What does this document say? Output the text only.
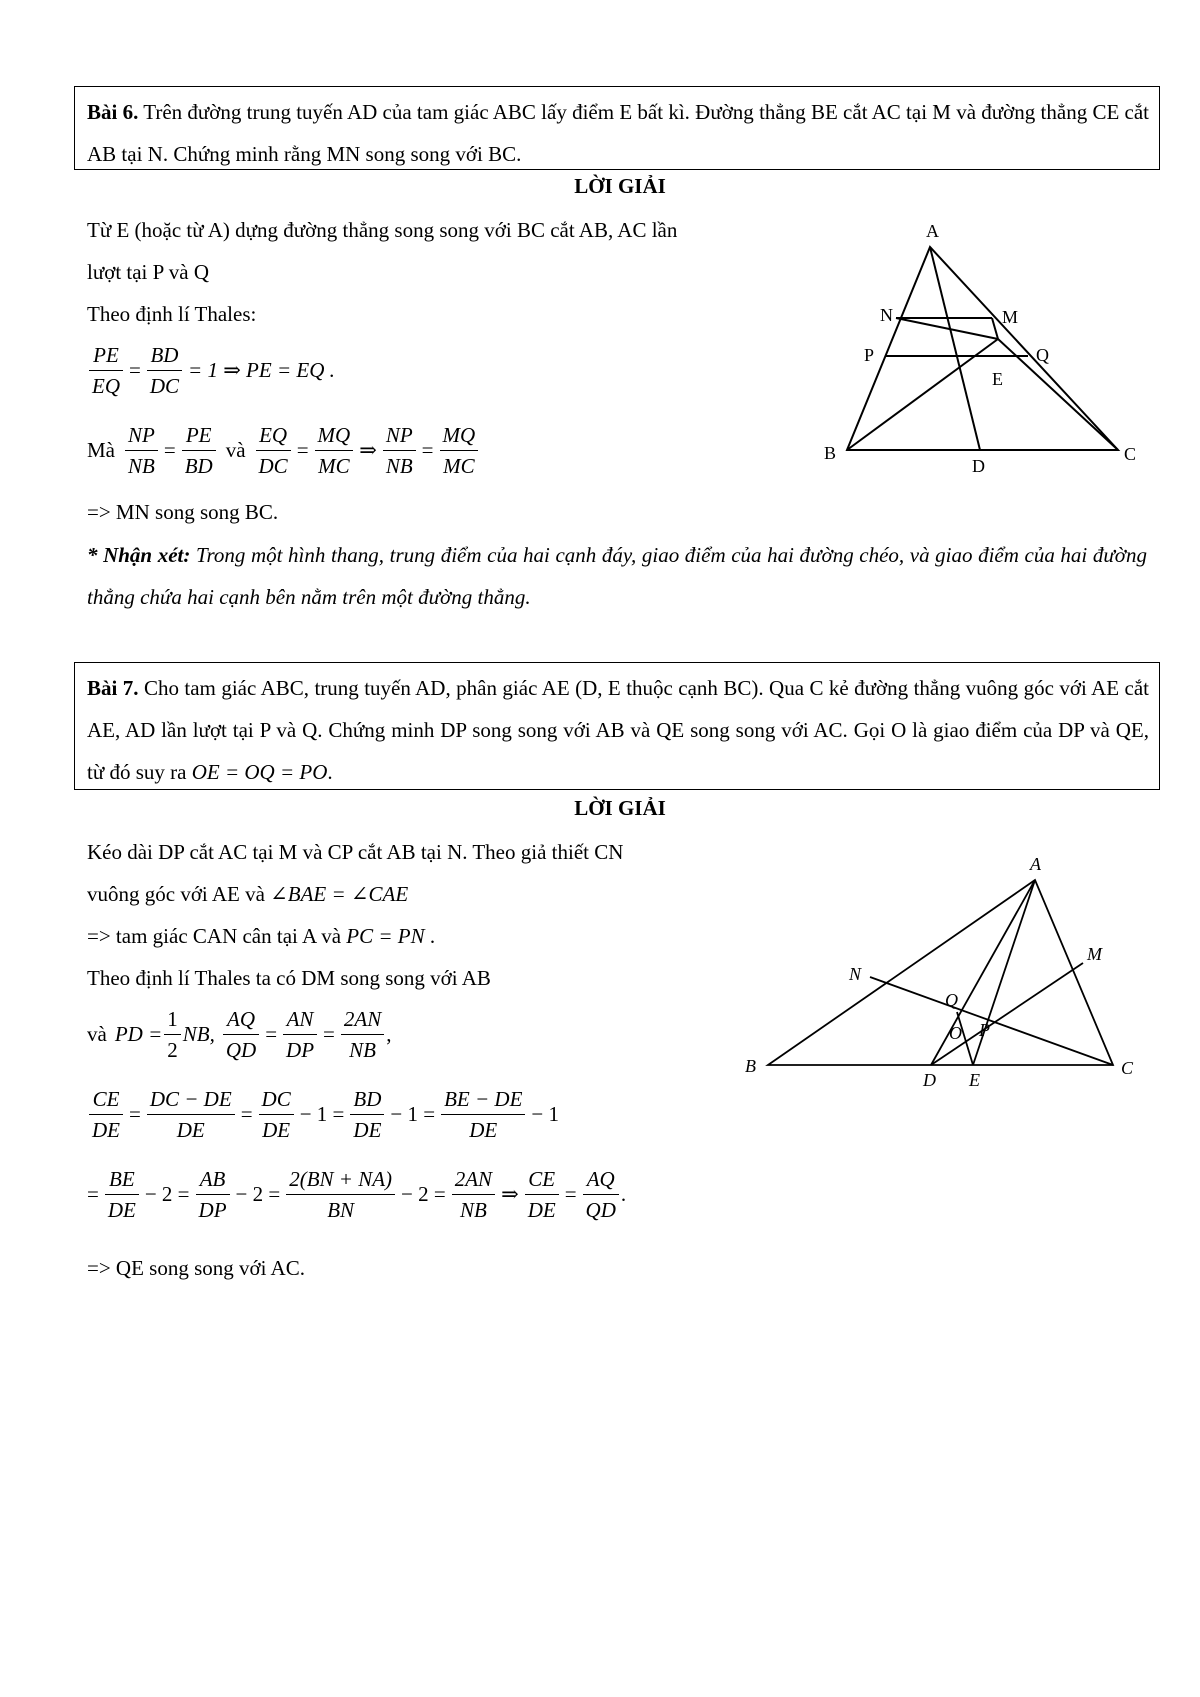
Bài 6. Trên đường trung tuyến AD của tam giác ABC lấy điểm E bất kì. Đường thẳng BE cắt AC tại M và đường thẳng CE cắt AB tại N. Chứng minh rằng MN song song với BC.
LỜI GIẢI
Từ E (hoặc từ A) dựng đường thẳng song song với BC cắt AB, AC lần
lượt tại P và Q
Theo định lí Thales:
$\frac{PE}{EQ} = \frac{BD}{DC} = 1$ ⇒ PE = EQ .
Mà $\frac{NP}{NB} = \frac{PE}{BD}$ và $\frac{EQ}{DC} = \frac{MQ}{MC}$ ⇒ $\frac{NP}{NB} = \frac{MQ}{MC}$
=> MN song song BC.
* Nhận xét: Trong một hình thang, trung điểm của hai cạnh đáy, giao điểm của hai đường chéo, và giao điểm của hai đường thẳng chứa hai cạnh bên nằm trên một đường thẳng.
A
B	C
D
E
M
N
P	Q
Bài 7. Cho tam giác ABC, trung tuyến AD, phân giác AE (D, E thuộc cạnh BC). Qua C kẻ đường thẳng vuông góc với AE cắt AE, AD lần lượt tại P và Q. Chứng minh DP song song với AB và QE song song với AC. Gọi O là giao điểm của DP và QE, từ đó suy ra OE = OQ = PO.
LỜI GIẢI
Kéo dài DP cắt AC tại M và CP cắt AB tại N. Theo giả thiết CN
vuông góc với AE và ∠BAE = ∠CAE
=> tam giác CAN cân tại A và PC = PN .
Theo định lí Thales ta có DM song song với AB
và PD = $\frac{1}{2}$ NB, $\frac{AQ}{QD} = \frac{AN}{DP} = \frac{2AN}{NB}$ ,
$\frac{CE}{DE} = \frac{DC - DE}{DE} = \frac{DC}{DE} - 1 = \frac{BD}{DE} - 1 = \frac{BE - DE}{DE} - 1$
= $\frac{BE}{DE} - 2 = \frac{AB}{DP} - 2 = \frac{2(BN + NA)}{BN} - 2 = \frac{2AN}{NB}$ ⇒ $\frac{CE}{DE} = \frac{AQ}{QD}$ .
=> QE song song với AC.
A
B	C
D E
M
N
P
Q
O
